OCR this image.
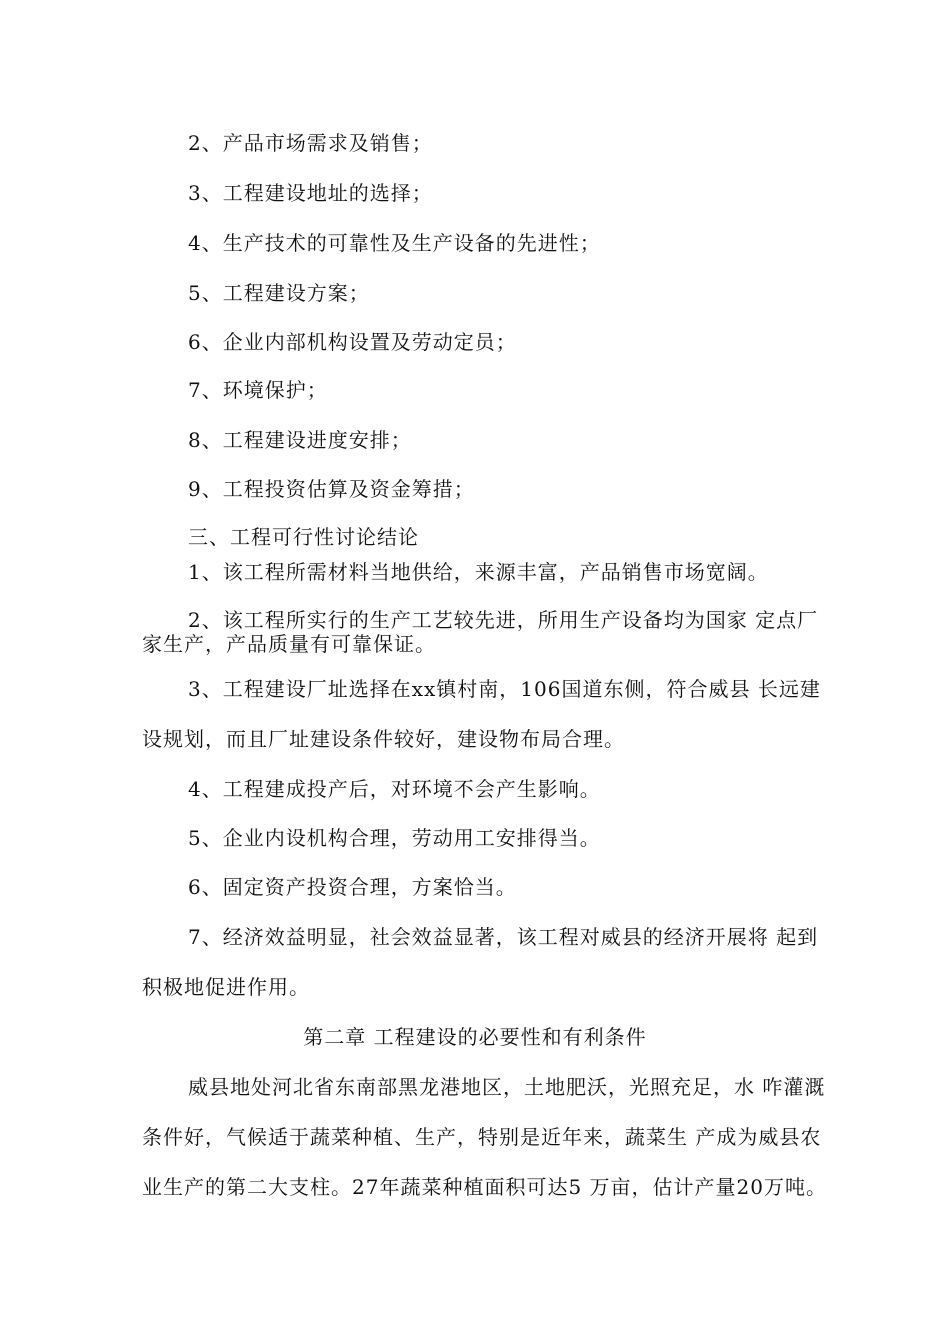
2、产品市场需求及销售；
3、工程建设地址的选择；
4、生产技术的可靠性及生产设备的先进性；
5、工程建设方案；
6、企业内部机构设置及劳动定员；
7、环境保护；
8、工程建设进度安排；
9、工程投资估算及资金筹措；
三、工程可行性讨论结论
1、该工程所需材料当地供给，来源丰富，产品销售市场宽阔。
2、该工程所实行的生产工艺较先进，所用生产设备均为国家 定点厂
家生产，产品质量有可靠保证。
3、工程建设厂址选择在xx镇村南，106国道东侧，符合威县 长远建
设规划，而且厂址建设条件较好，建设物布局合理。
4、工程建成投产后，对环境不会产生影响。
5、企业内设机构合理，劳动用工安排得当。
6、固定资产投资合理，方案恰当。
7、经济效益明显，社会效益显著，该工程对威县的经济开展将 起到
积极地促进作用。
第二章 工程建设的必要性和有利条件
威县地处河北省东南部黑龙港地区，土地肥沃，光照充足，水 咋灌溉
条件好，气候适于蔬菜种植、生产，特别是近年来，蔬菜生 产成为威县农
业生产的第二大支柱。27年蔬菜种植面积可达5 万亩，估计产量20万吨。
